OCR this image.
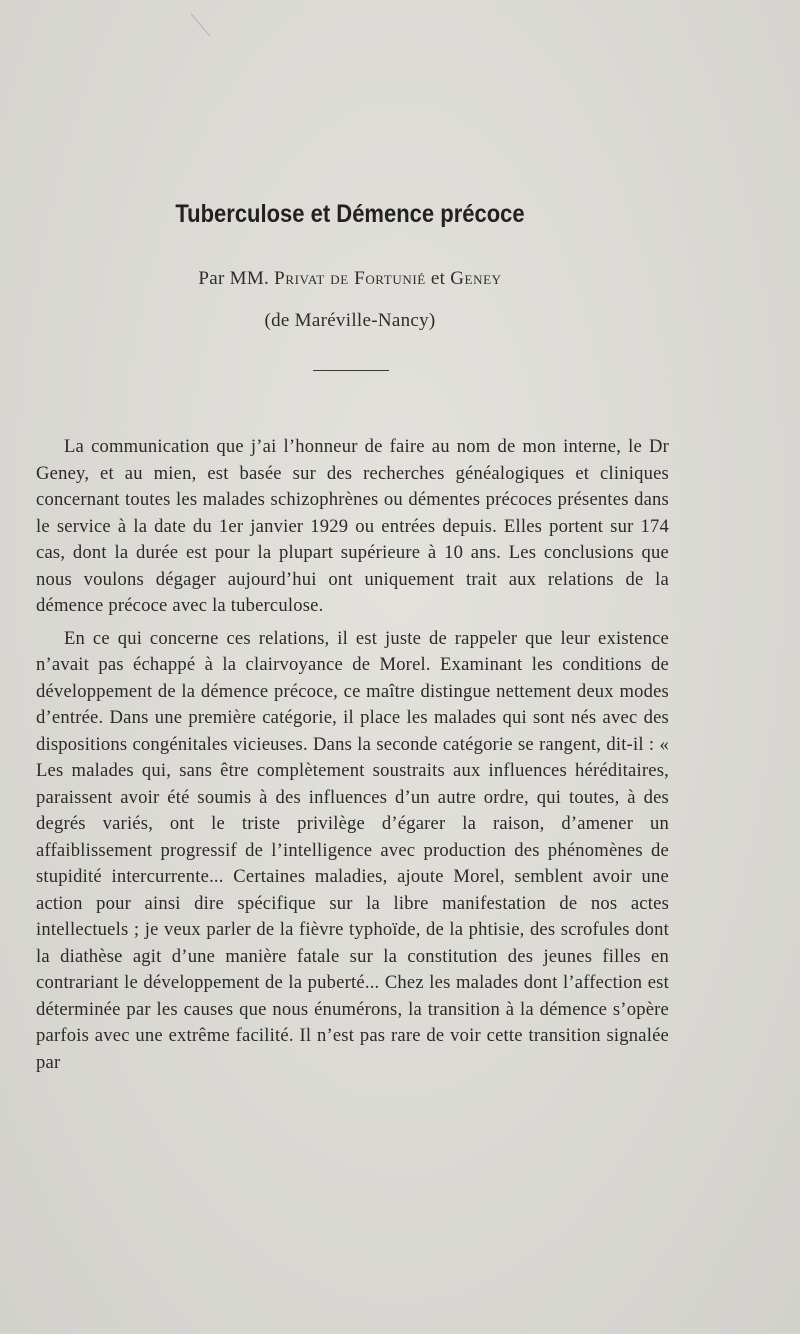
Tuberculose et Démence précoce
Par MM. Privat de Fortunié et Geney
(de Maréville-Nancy)

La communication que j’ai l’honneur de faire au nom de mon interne, le Dr Geney, et au mien, est basée sur des recherches généalogiques et cliniques concernant toutes les malades schizophrènes ou démentes précoces présentes dans le service à la date du 1er janvier 1929 ou entrées depuis. Elles portent sur 174 cas, dont la durée est pour la plupart supérieure à 10 ans. Les conclusions que nous voulons dégager aujourd’hui ont uniquement trait aux relations de la démence précoce avec la tuberculose.

En ce qui concerne ces relations, il est juste de rappeler que leur existence n’avait pas échappé à la clairvoyance de Morel. Examinant les conditions de développement de la démence précoce, ce maître distingue nettement deux modes d’entrée. Dans une première catégorie, il place les malades qui sont nés avec des dispositions congénitales vicieuses. Dans la seconde catégorie se rangent, dit-il : « Les malades qui, sans être complètement soustraits aux influences héréditaires, paraissent avoir été soumis à des influences d’un autre ordre, qui toutes, à des degrés variés, ont le triste privilège d’égarer la raison, d’amener un affaiblissement progressif de l’intelligence avec production des phénomènes de stupidité intercurrente... Certaines maladies, ajoute Morel, semblent avoir une action pour ainsi dire spécifique sur la libre manifestation de nos actes intellectuels ; je veux parler de la fièvre typhoïde, de la phtisie, des scrofules dont la diathèse agit d’une manière fatale sur la constitution des jeunes filles en contrariant le développement de la puberté... Chez les malades dont l’affection est déterminée par les causes que nous énumérons, la transition à la démence s’opère parfois avec une extrême facilité. Il n’est pas rare de voir cette transition signalée par
